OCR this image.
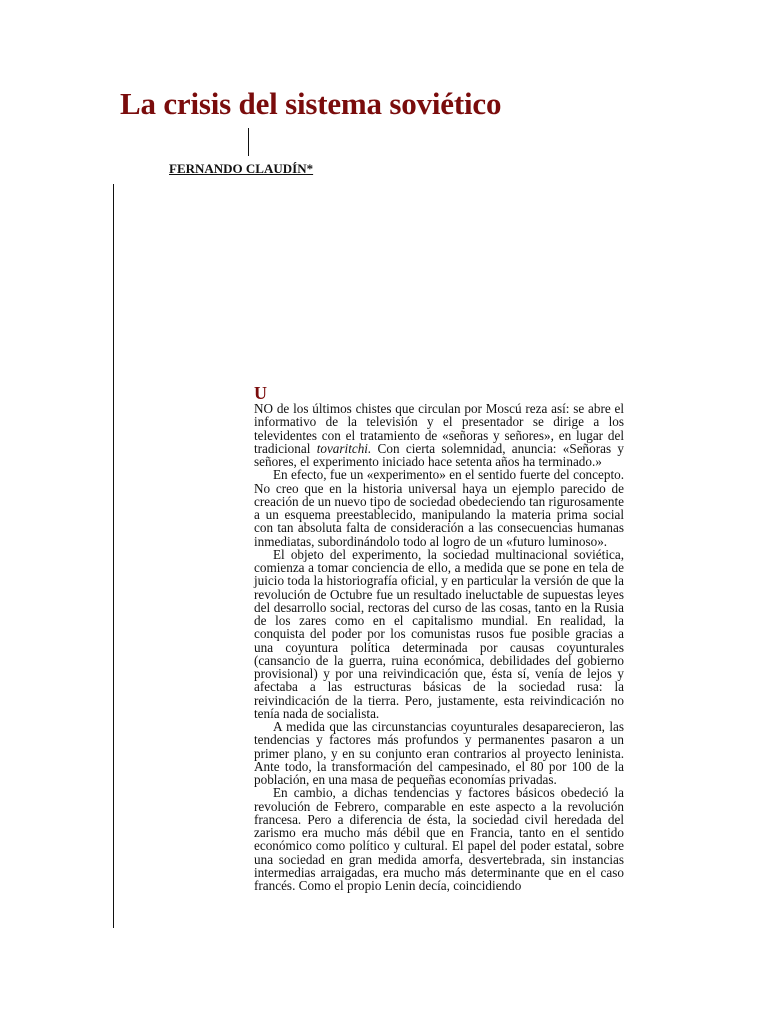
La crisis del sistema soviético

FERNANDO CLAUDÍN*

U

NO de los últimos chistes que circulan por Moscú reza así: se abre el informativo de la televisión y el presentador se dirige a los televidentes con el tratamiento de «señoras y señores», en lugar del tradicional tovaritchi. Con cierta solemnidad, anuncia: «Señoras y señores, el experimento iniciado hace setenta años ha terminado.»

En efecto, fue un «experimento» en el sentido fuerte del concepto. No creo que en la historia universal haya un ejemplo parecido de creación de un nuevo tipo de sociedad obedeciendo tan rigurosamente a un esquema preestablecido, manipulando la materia prima social con tan absoluta falta de consideración a las consecuencias humanas inmediatas, subordinándolo todo al logro de un «futuro luminoso».

El objeto del experimento, la sociedad multinacional soviética, comienza a tomar conciencia de ello, a medida que se pone en tela de juicio toda la historiografía oficial, y en particular la versión de que la revolución de Octubre fue un resultado ineluctable de supuestas leyes del desarrollo social, rectoras del curso de las cosas, tanto en la Rusia de los zares como en el capitalismo mundial. En realidad, la conquista del poder por los comunistas rusos fue posible gracias a una coyuntura política determinada por causas coyunturales (cansancio de la guerra, ruina económica, debilidades del gobierno provisional) y por una reivindicación que, ésta sí, venía de lejos y afectaba a las estructuras básicas de la sociedad rusa: la reivindicación de la tierra. Pero, justamente, esta reivindicación no tenía nada de socialista.

A medida que las circunstancias coyunturales desaparecieron, las tendencias y factores más profundos y permanentes pasaron a un primer plano, y en su conjunto eran contrarios al proyecto leninista. Ante todo, la transformación del campesinado, el 80 por 100 de la población, en una masa de pequeñas economías privadas.

En cambio, a dichas tendencias y factores básicos obedeció la revolución de Febrero, comparable en este aspecto a la revolución francesa. Pero a diferencia de ésta, la sociedad civil heredada del zarismo era mucho más débil que en Francia, tanto en el sentido económico como político y cultural. El papel del poder estatal, sobre una sociedad en gran medida amorfa, desvertebrada, sin instancias intermedias arraigadas, era mucho más determinante que en el caso francés. Como el propio Lenin decía, coincidiendo
